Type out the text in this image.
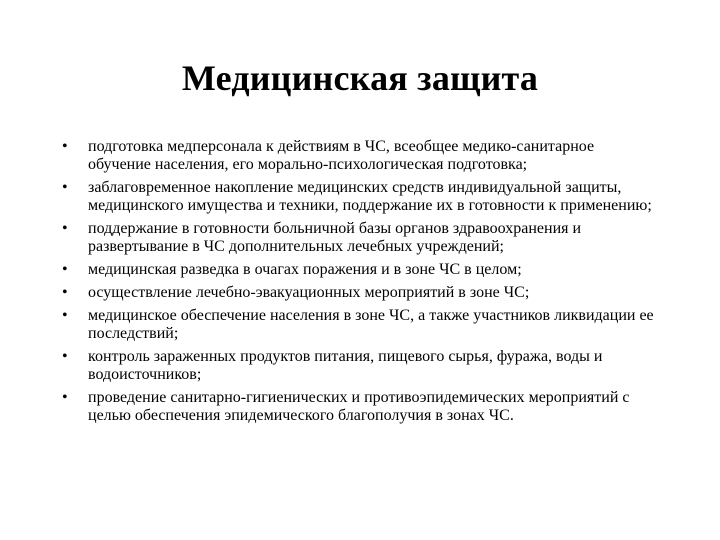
Медицинская защита
• подготовка медперсонала к действиям в ЧС, всеобщее медико-санитарное обучение населения, его морально-психологическая подготовка;
• заблаговременное накопление медицинских средств индивидуальной защиты, медицинского имущества и техники, поддержание их в готовности к применению;
• поддержание в готовности больничной базы органов здравоохранения и развертывание в ЧС дополнительных лечебных учреждений;
• медицинская разведка в очагах поражения и в зоне ЧС в целом;
• осуществление лечебно-эвакуационных мероприятий в зоне ЧС;
• медицинское обеспечение населения в зоне ЧС, а также участников ликвидации ее последствий;
• контроль зараженных продуктов питания, пищевого сырья, фуража, воды и водоисточников;
• проведение санитарно-гигиенических и противоэпидемических мероприятий с целью обеспечения эпидемического благополучия в зонах ЧС.
